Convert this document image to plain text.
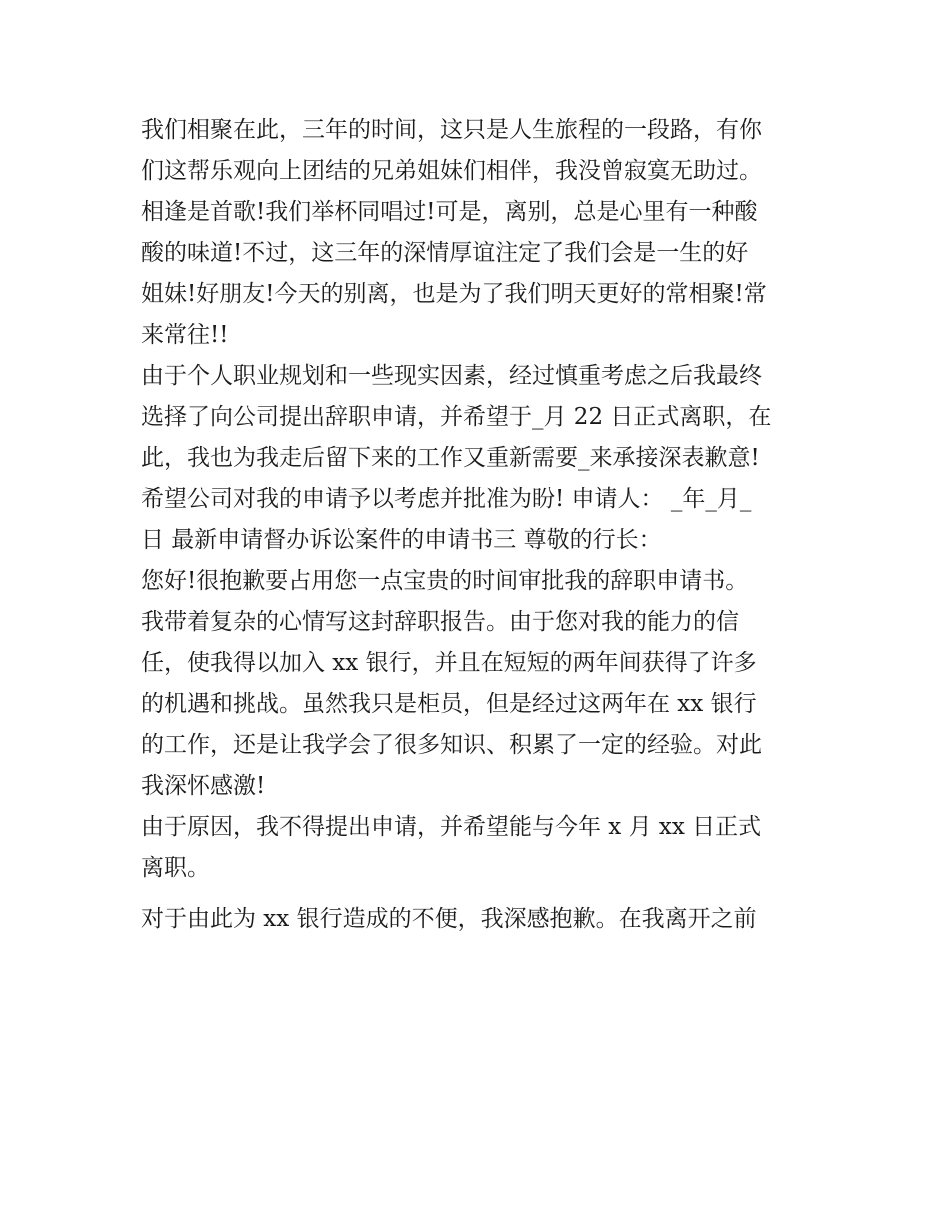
我们相聚在此，三年的时间，这只是人生旅程的一段路，有你
们这帮乐观向上团结的兄弟姐妹们相伴，我没曾寂寞无助过。
相逢是首歌!我们举杯同唱过!可是，离别，总是心里有一种酸
酸的味道!不过，这三年的深情厚谊注定了我们会是一生的好
姐妹!好朋友!今天的别离，也是为了我们明天更好的常相聚!常
来常往!!
由于个人职业规划和一些现实因素，经过慎重考虑之后我最终
选择了向公司提出辞职申请，并希望于_月 22 日正式离职，在
此，我也为我走后留下来的工作又重新需要_来承接深表歉意!
希望公司对我的申请予以考虑并批准为盼! 申请人： _年_月_
日 最新申请督办诉讼案件的申请书三 尊敬的行长：
您好!很抱歉要占用您一点宝贵的时间审批我的辞职申请书。
我带着复杂的心情写这封辞职报告。由于您对我的能力的信
任，使我得以加入 xx 银行，并且在短短的两年间获得了许多
的机遇和挑战。虽然我只是柜员，但是经过这两年在 xx 银行
的工作，还是让我学会了很多知识、积累了一定的经验。对此
我深怀感激!
由于原因，我不得提出申请，并希望能与今年 x 月 xx 日正式
离职。
对于由此为 xx 银行造成的不便，我深感抱歉。在我离开之前
